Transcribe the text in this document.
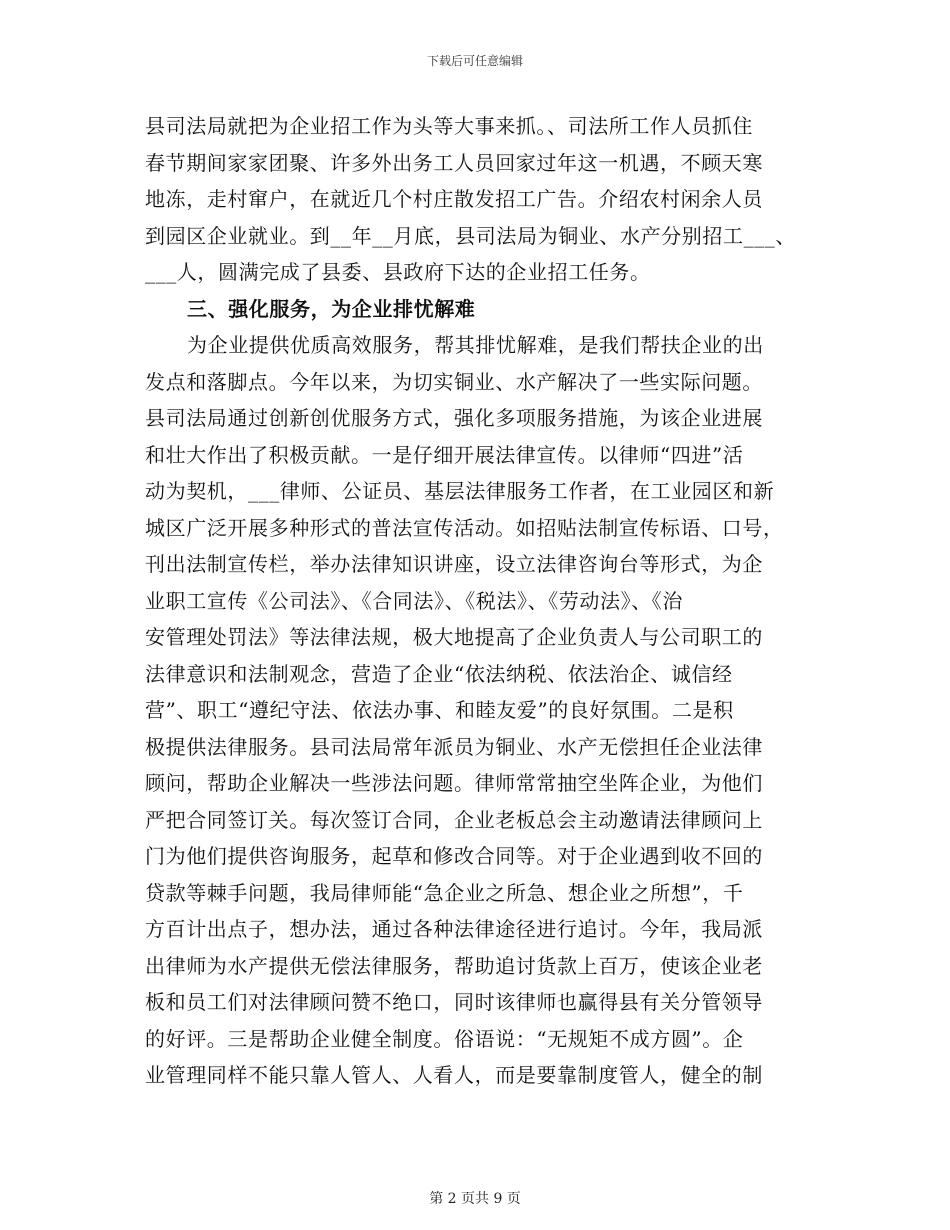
下载后可任意编辑
县司法局就把为企业招工作为头等大事来抓。、司法所工作人员抓住
春节期间家家团聚、许多外出务工人员回家过年这一机遇，不顾天寒
地冻，走村窜户，在就近几个村庄散发招工广告。介绍农村闲余人员
到园区企业就业。到__年__月底，县司法局为铜业、水产分别招工___、
___人，圆满完成了县委、县政府下达的企业招工任务。
三、强化服务，为企业排忧解难
为企业提供优质高效服务，帮其排忧解难，是我们帮扶企业的出
发点和落脚点。今年以来，为切实铜业、水产解决了一些实际问题。
县司法局通过创新创优服务方式，强化多项服务措施，为该企业进展
和壮大作出了积极贡献。一是仔细开展法律宣传。以律师“四进”活
动为契机，___律师、公证员、基层法律服务工作者，在工业园区和新
城区广泛开展多种形式的普法宣传活动。如招贴法制宣传标语、口号，
刊出法制宣传栏，举办法律知识讲座，设立法律咨询台等形式，为企
业职工宣传《公司法》、《合同法》、《税法》、《劳动法》、《治
安管理处罚法》等法律法规，极大地提高了企业负责人与公司职工的
法律意识和法制观念，营造了企业“依法纳税、依法治企、诚信经
营”、职工“遵纪守法、依法办事、和睦友爱”的良好氛围。二是积
极提供法律服务。县司法局常年派员为铜业、水产无偿担任企业法律
顾问，帮助企业解决一些涉法问题。律师常常抽空坐阵企业，为他们
严把合同签订关。每次签订合同，企业老板总会主动邀请法律顾问上
门为他们提供咨询服务，起草和修改合同等。对于企业遇到收不回的
贷款等棘手问题，我局律师能“急企业之所急、想企业之所想”，千
方百计出点子，想办法，通过各种法律途径进行追讨。今年，我局派
出律师为水产提供无偿法律服务，帮助追讨货款上百万，使该企业老
板和员工们对法律顾问赞不绝口，同时该律师也赢得县有关分管领导
的好评。三是帮助企业健全制度。俗语说：“无规矩不成方圆”。企
业管理同样不能只靠人管人、人看人，而是要靠制度管人，健全的制
第 2 页共 9 页
